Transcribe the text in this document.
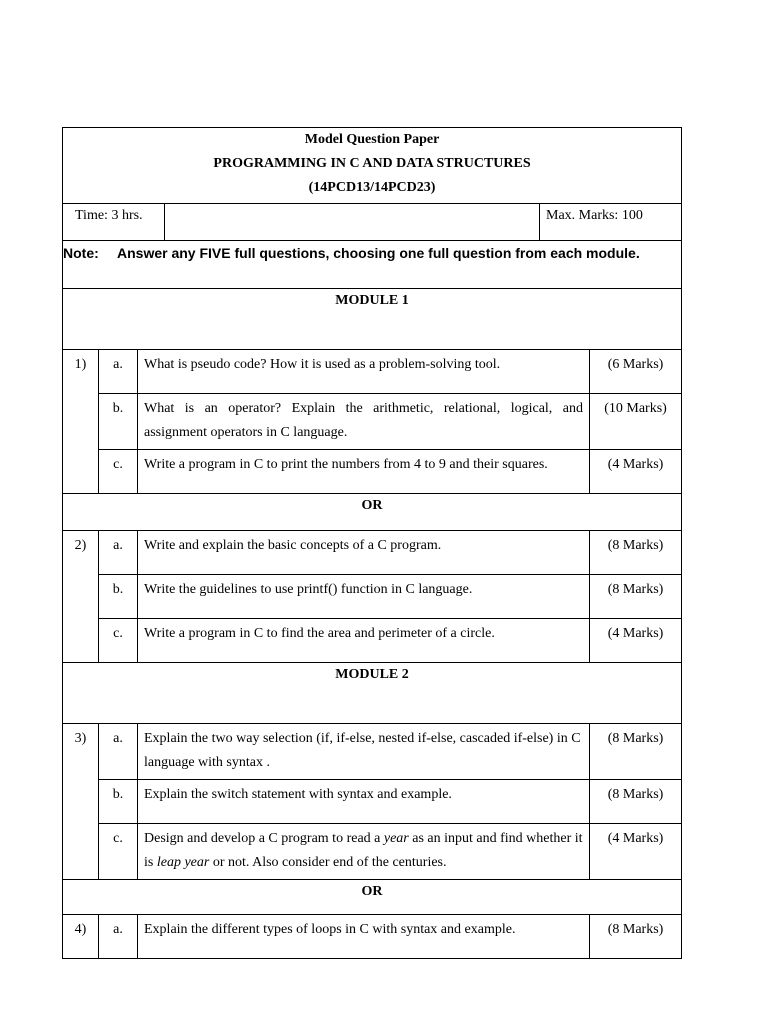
Model Question Paper
PROGRAMMING IN C AND DATA STRUCTURES
(14PCD13/14PCD23)					

Time: 3 hrs.				Max. Marks: 100	
Note: Answer any FIVE full questions, choosing one full question from each module.					
MODULE 1					
1)	a.	What is pseudo code? How it is used as a problem-solving tool.			(6 Marks)
	b.	What is an operator? Explain the arithmetic, relational, logical, and assignment operators in C language.			(10 Marks)
	c.	Write a program in C to print the numbers from 4 to 9 and their squares.			(4 Marks)
OR					
2)	a.	Write and explain the basic concepts of a C program.			(8 Marks)
	b.	Write the guidelines to use printf() function in C language.			(8 Marks)
	c.	Write a program in C to find the area and perimeter of a circle.			(4 Marks)
MODULE 2					
3)	a.	Explain the two way selection (if, if-else, nested if-else, cascaded if-else) in C language with syntax .			(8 Marks)
	b.	Explain the switch statement with syntax and example.			(8 Marks)
	c.	Design and develop a C program to read a year as an input and find whether it is leap year or not. Also consider end of the centuries.			(4 Marks)
OR					
4)	a.	Explain the different types of loops in C with syntax and example.			(8 Marks)
